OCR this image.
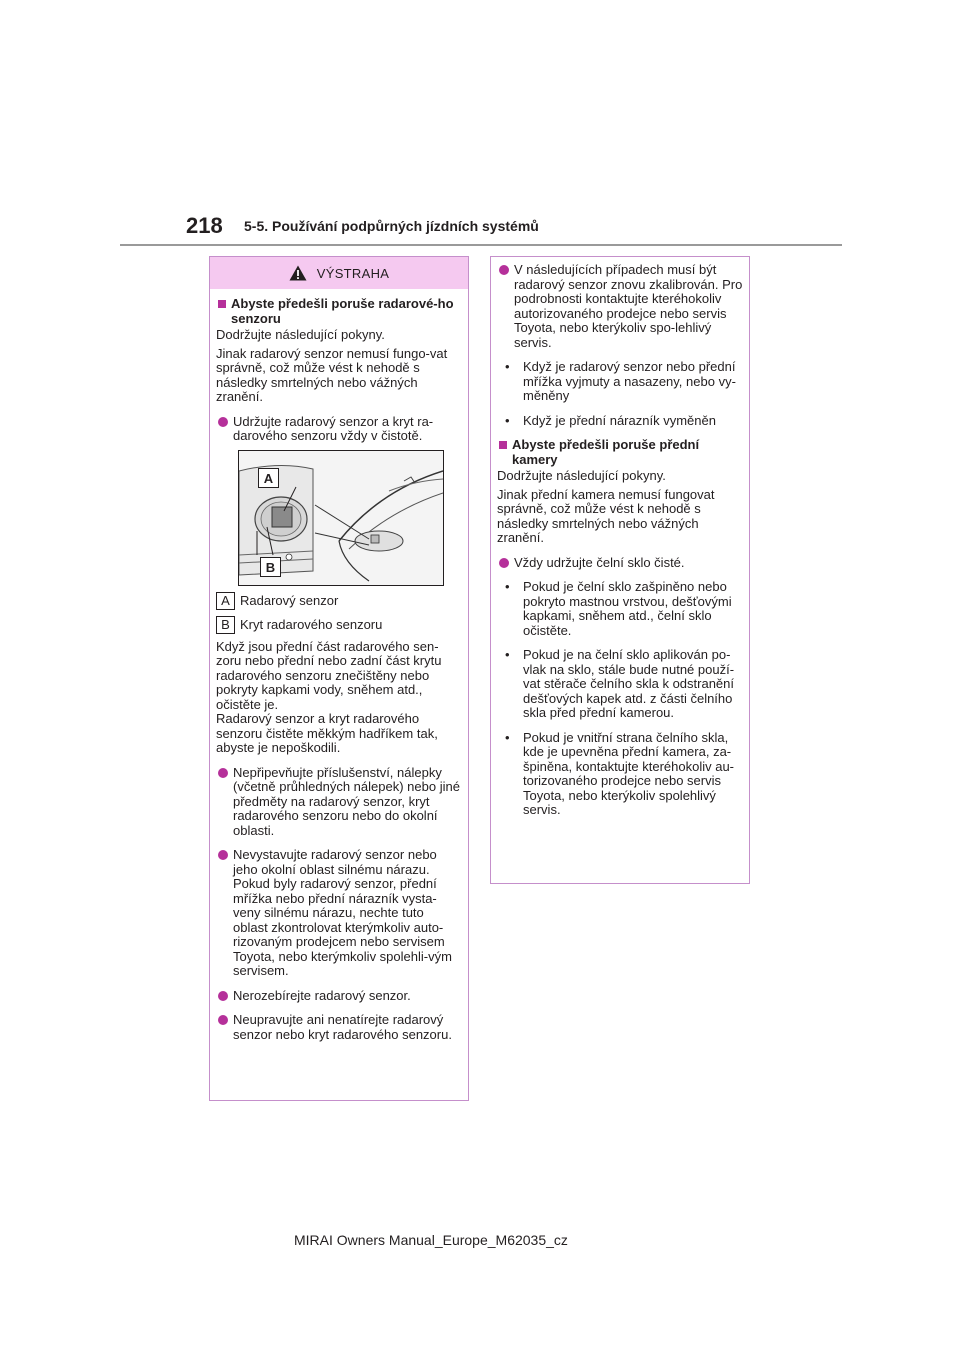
218 5-5. Používání podpůrných jízdních systémů
VÝSTRAHA
Abyste předešli poruše radarové-ho senzoru

Dodržujte následující pokyny.

Jinak radarový senzor nemusí fungo-vat správně, což může vést k nehodě s následky smrtelných nebo vážných zranění.

Udržujte radarový senzor a kryt ra-darového senzoru vždy v čistotě.
A
B
A Radarový senzor
B Kryt radarového senzoru

Když jsou přední část radarového sen-zoru nebo přední nebo zadní část krytu radarového senzoru znečištěny nebo pokryty kapkami vody, sněhem atd., očistěte je.

Radarový senzor a kryt radarového senzoru čistěte měkkým hadříkem tak, abyste je nepoškodili.

Nepřipevňujte příslušenství, nálepky (včetně průhledných nálepek) nebo jiné předměty na radarový senzor, kryt radarového senzoru nebo do okolní oblasti.
Nevystavujte radarový senzor nebo jeho okolní oblast silnému nárazu. Pokud byly radarový senzor, přední mřížka nebo přední nárazník vysta-veny silnému nárazu, nechte tuto oblast zkontrolovat kterýmkoliv auto-rizovaným prodejcem nebo servisem Toyota, nebo kterýmkoliv spolehli-vým servisem.
Nerozebírejte radarový senzor.
Neupravujte ani nenatírejte radarový senzor nebo kryt radarového senzoru.
V následujících případech musí být radarový senzor znovu zkalibrován. Pro podrobnosti kontaktujte kteréhokoliv autorizovaného prodejce nebo servis Toyota, nebo kterýkoliv spo-lehlivý servis.
•	Když je radarový senzor nebo přední mřížka vyjmuty a nasazeny, nebo vy-měněny
•	Když je přední nárazník vyměněn
Abyste předešli poruše přední kamery

Dodržujte následující pokyny.

Jinak přední kamera nemusí fungovat správně, což může vést k nehodě s následky smrtelných nebo vážných zranění.

Vždy udržujte čelní sklo čisté.
•	Pokud je čelní sklo zašpiněno nebo pokryto mastnou vrstvou, dešťovými kapkami, sněhem atd., čelní sklo očistěte.
•	Pokud je na čelní sklo aplikován po-vlak na sklo, stále bude nutné použí-vat stěrače čelního skla k odstranění dešťových kapek atd. z části čelního skla před přední kamerou.
•	Pokud je vnitřní strana čelního skla, kde je upevněna přední kamera, za-špiněna, kontaktujte kteréhokoliv au-torizovaného prodejce nebo servis Toyota, nebo kterýkoliv spolehlivý servis.
MIRAI Owners Manual_Europe_M62035_cz
